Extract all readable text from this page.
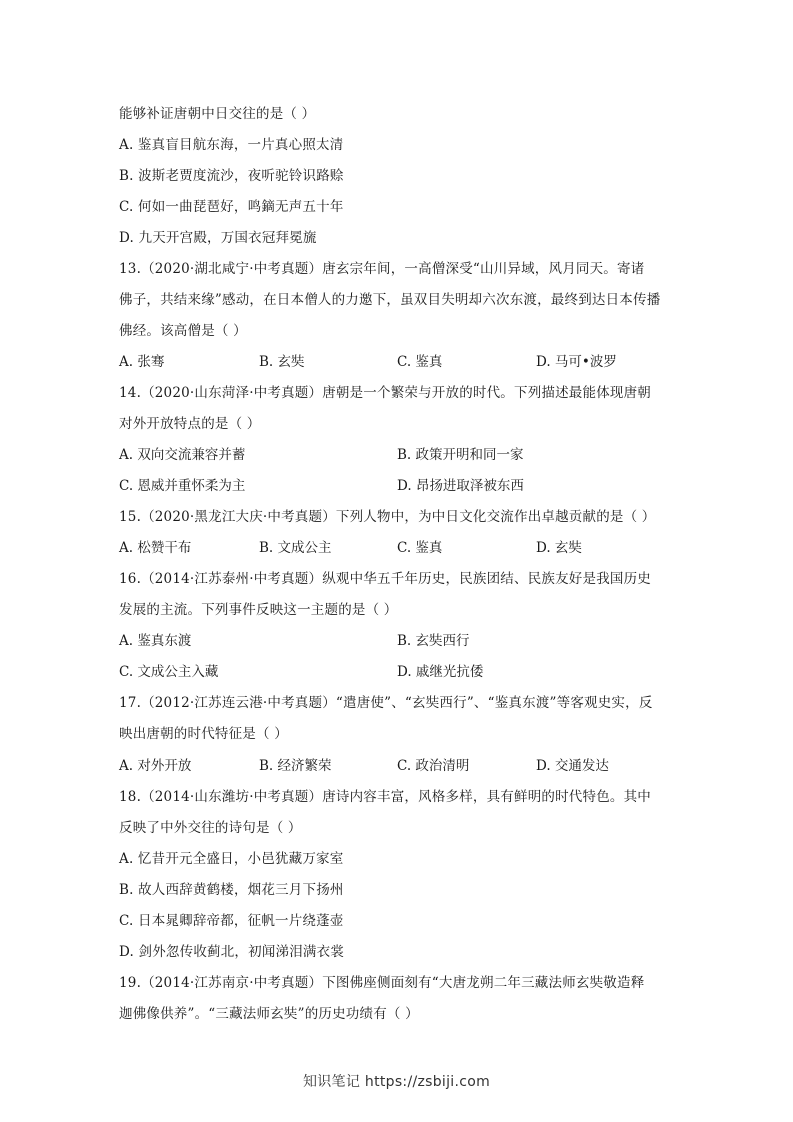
能够补证唐朝中日交往的是（ ）
A. 鉴真盲目航东海，一片真心照太清
B. 波斯老贾度流沙，夜听驼铃识路赊
C. 何如一曲琵琶好，鸣鏑无声五十年
D. 九天开宫殿，万国衣冠拜冕旒
13.（2020·湖北咸宁·中考真题）唐玄宗年间，一高僧深受“山川异域，风月同天。寄诸
佛子，共结来缘”感动，在日本僧人的力邀下，虽双目失明却六次东渡，最终到达日本传播
佛经。该高僧是（ ）
A. 张骞	B. 玄奘	C. 鉴真	D. 马可•波罗
14.（2020·山东菏泽·中考真题）唐朝是一个繁荣与开放的时代。下列描述最能体现唐朝
对外开放特点的是（ ）
A. 双向交流兼容并蓄	B. 政策开明和同一家
C. 恩威并重怀柔为主	D. 昂扬进取泽被东西
15.（2020·黑龙江大庆·中考真题）下列人物中，为中日文化交流作出卓越贡献的是（ ）
A. 松赞干布	B. 文成公主	C. 鉴真	D. 玄奘
16.（2014·江苏泰州·中考真题）纵观中华五千年历史，民族团结、民族友好是我国历史
发展的主流。下列事件反映这一主题的是（ ）
A. 鉴真东渡	B. 玄奘西行
C. 文成公主入藏	D. 戚继光抗倭
17.（2012·江苏连云港·中考真题）“遣唐使”、“玄奘西行”、“鉴真东渡”等客观史实，反
映出唐朝的时代特征是（ ）
A. 对外开放	B. 经济繁荣	C. 政治清明	D. 交通发达
18.（2014·山东潍坊·中考真题）唐诗内容丰富，风格多样，具有鲜明的时代特色。其中
反映了中外交往的诗句是（ ）
A. 忆昔开元全盛日，小邑犹藏万家室
B. 故人西辞黄鹤楼，烟花三月下扬州
C. 日本晁卿辞帝都，征帆一片绕蓬壶
D. 剑外忽传收蓟北，初闻涕泪满衣裳
19.（2014·江苏南京·中考真题）下图佛座侧面刻有“大唐龙朔二年三藏法师玄奘敬造释
迦佛像供养”。“三藏法师玄奘”的历史功绩有（ ）
知识笔记 https://zsbiji.com
